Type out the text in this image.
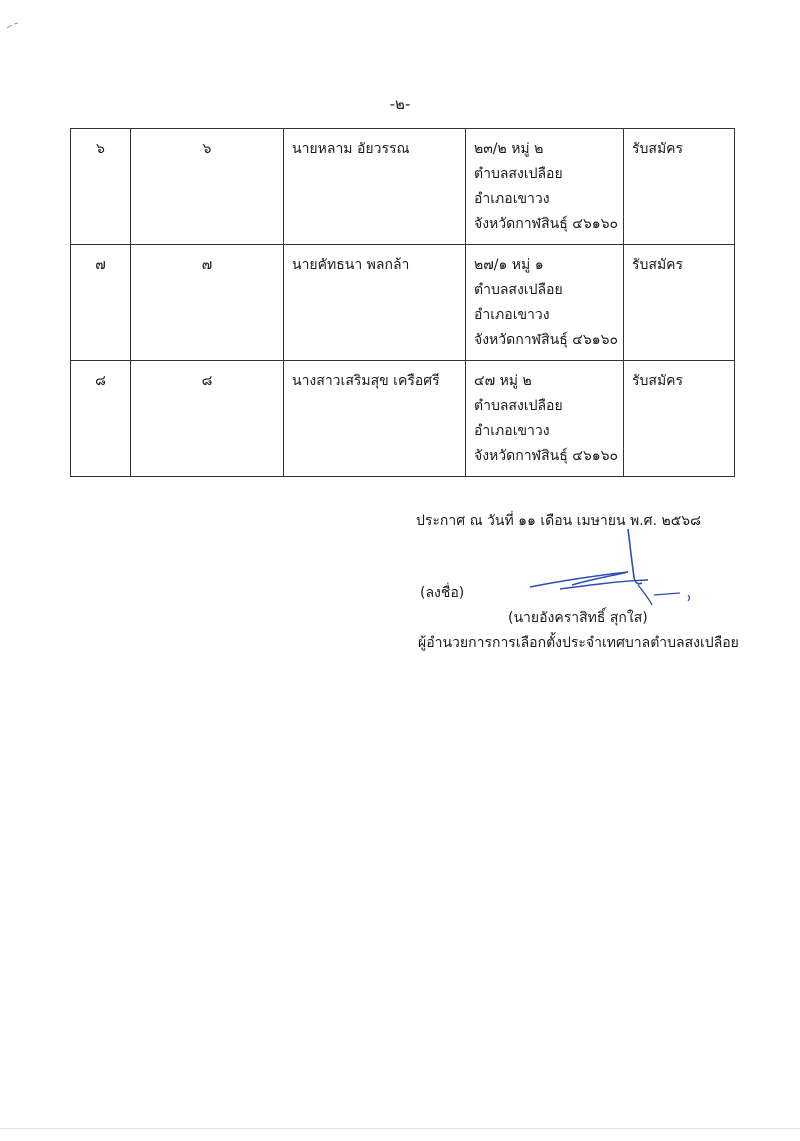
-๒-
๖	๖	นายหลาม อัยวรรณ	๒๓/๒ หมู่ ๒
ตำบลสงเปลือย
อำเภอเขาวง
จังหวัดกาฬสินธุ์ ๔๖๑๖๐	รับสมัคร
๗	๗	นายคัทธนา พลกล้า	๒๗/๑ หมู่ ๑
ตำบลสงเปลือย
อำเภอเขาวง
จังหวัดกาฬสินธุ์ ๔๖๑๖๐	รับสมัคร
๘	๘	นางสาวเสริมสุข เครือศรี	๔๗ หมู่ ๒
ตำบลสงเปลือย
อำเภอเขาวง
จังหวัดกาฬสินธุ์ ๔๖๑๖๐	รับสมัคร
ประกาศ ณ วันที่ ๑๑ เดือน เมษายน พ.ศ. ๒๕๖๘
(ลงชื่อ)
(นายอังคราสิทธิ์ สุกใส)
ผู้อำนวยการการเลือกตั้งประจำเทศบาลตำบลสงเปลือย
